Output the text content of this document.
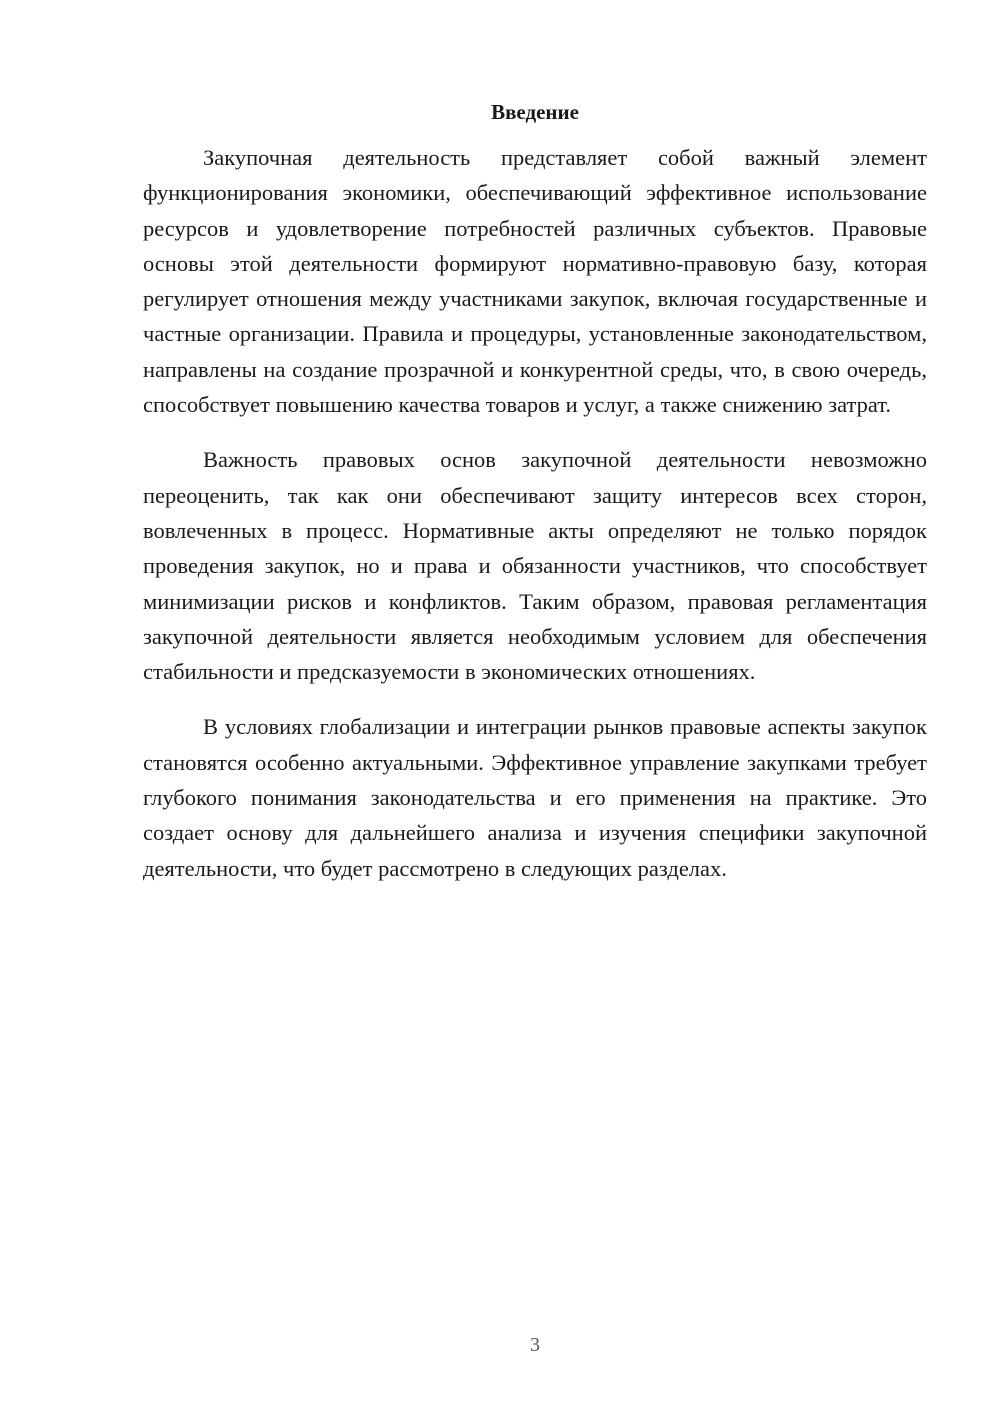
Введение

Закупочная деятельность представляет собой важный элемент функционирования экономики, обеспечивающий эффективное использование ресурсов и удовлетворение потребностей различных субъектов. Правовые основы этой деятельности формируют нормативно-правовую базу, которая регулирует отношения между участниками закупок, включая государственные и частные организации. Правила и процедуры, установленные законодательством, направлены на создание прозрачной и конкурентной среды, что, в свою очередь, способствует повышению качества товаров и услуг, а также снижению затрат.

Важность правовых основ закупочной деятельности невозможно переоценить, так как они обеспечивают защиту интересов всех сторон, вовлеченных в процесс. Нормативные акты определяют не только порядок проведения закупок, но и права и обязанности участников, что способствует минимизации рисков и конфликтов. Таким образом, правовая регламентация закупочной деятельности является необходимым условием для обеспечения стабильности и предсказуемости в экономических отношениях.

В условиях глобализации и интеграции рынков правовые аспекты закупок становятся особенно актуальными. Эффективное управление закупками требует глубокого понимания законодательства и его применения на практике. Это создает основу для дальнейшего анализа и изучения специфики закупочной деятельности, что будет рассмотрено в следующих разделах.

3
